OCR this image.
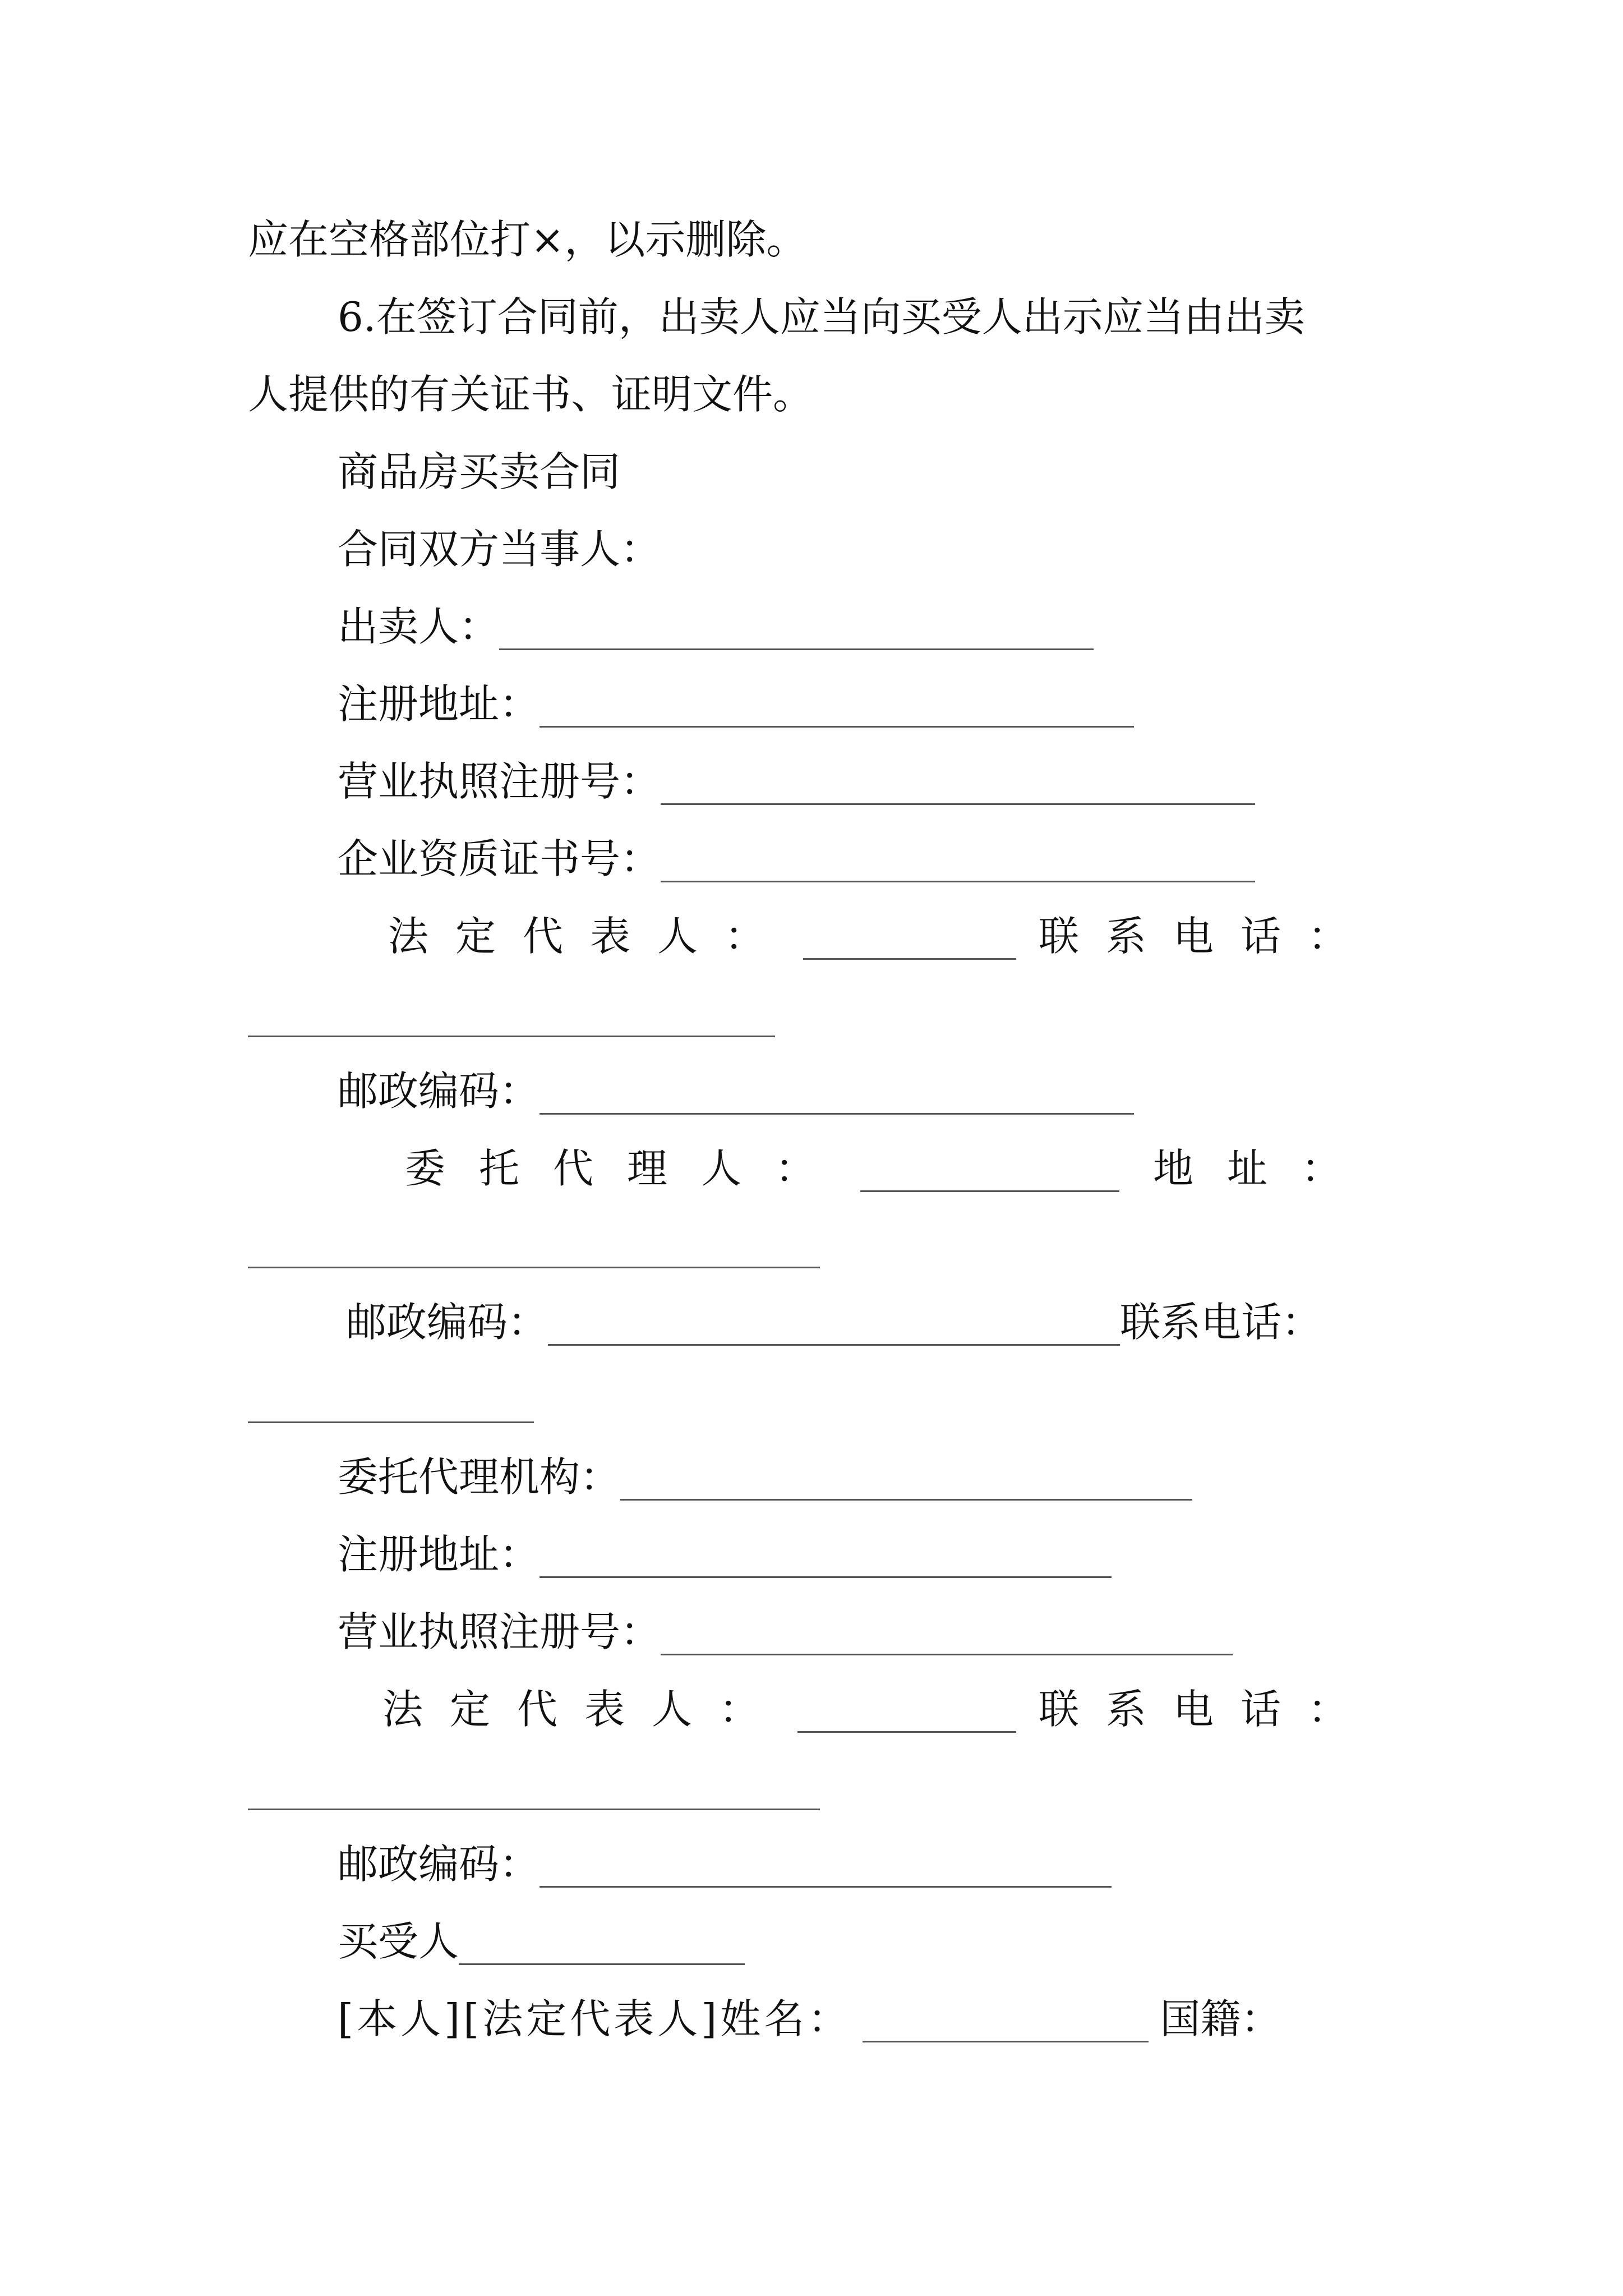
应在空格部位打×，以示删除。
6.在签订合同前，出卖人应当向买受人出示应当由出卖
人提供的有关证书、证明文件。
商品房买卖合同
合同双方当事人：
出卖人：
注册地址：
营业执照注册号：
企业资质证书号：
法定代表人：	联系电话：
邮政编码：
委托代理人：	地址：
邮政编码：	联系电话：
委托代理机构：
注册地址：
营业执照注册号：
法定代表人：	联系电话：
邮政编码：
买受人
[本人][法定代表人]姓名：	国籍：
